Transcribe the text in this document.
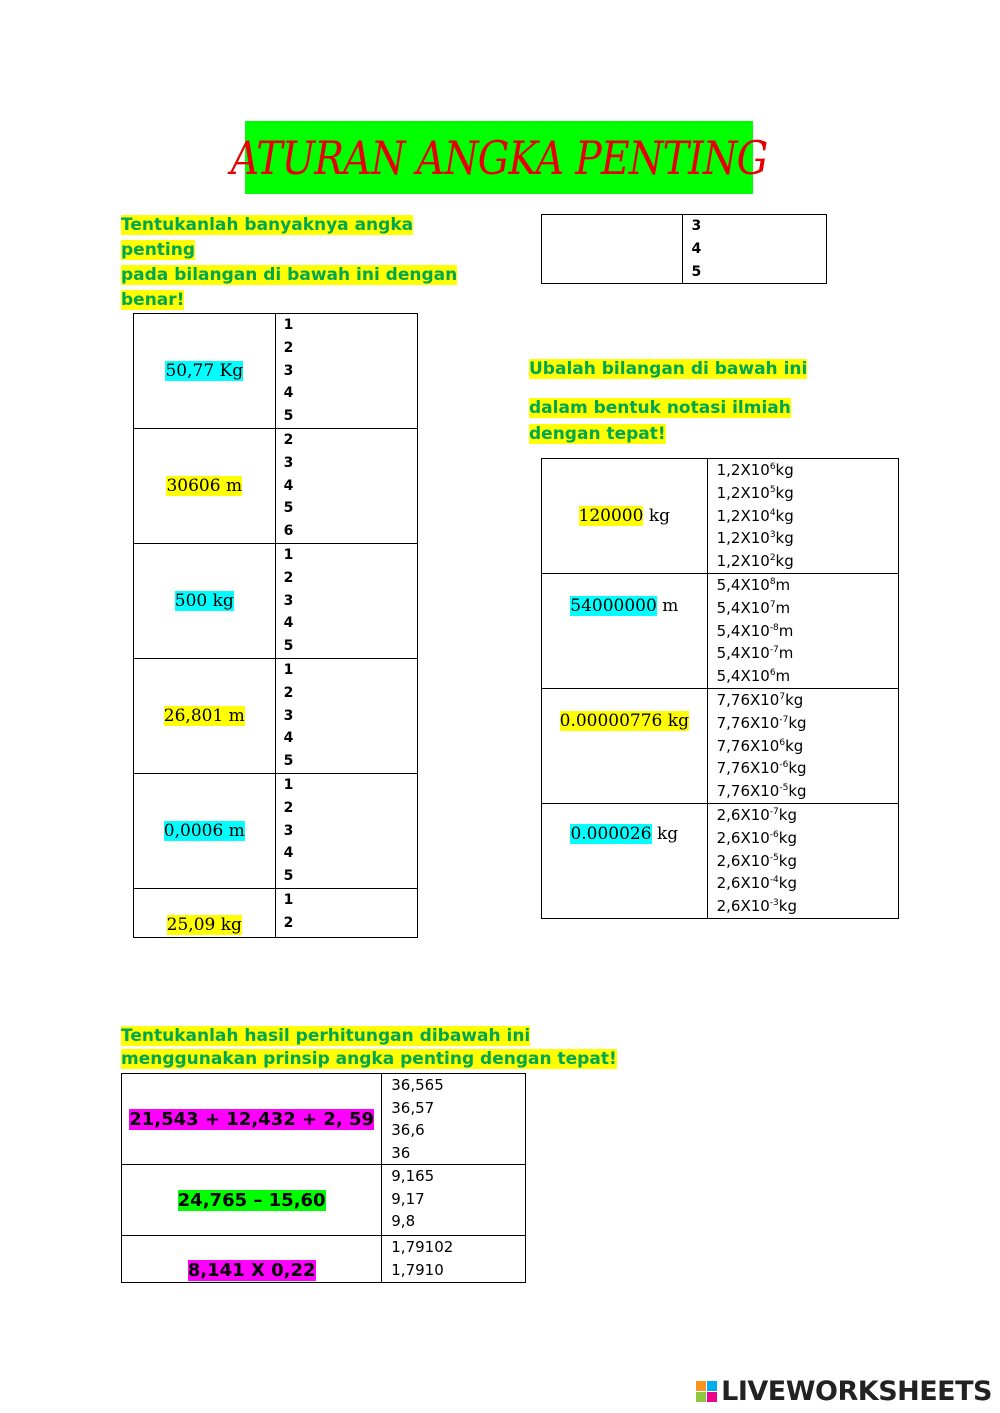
ATURAN ANGKA PENTING
Tentukanlah banyaknya angka
penting
pada bilangan di bawah ini dengan
benar!
50,77 Kg	1
2
3
4
5

30606 m	2
3
4
5
6

500 kg	1
2
3
4
5

26,801 m	1
2
3
4
5

0,0006 m	1
2
3
4
5

25,09 kg	1
2

3
4
5
Ubalah bilangan di bawah ini
dalam bentuk notasi ilmiah
dengan tepat!
120000 kg	$1,2X10^6kg$
$1,2X10^5kg$
$1,2X10^4kg$
$1,2X10^3kg$
$1,2X10^2kg$

54000000 m	$5,4X10^8m$
$5,4X10^7m$
$5,4X10^{-8}m$
$5,4X10^{-7}m$
$5,4X10^6m$

0.00000776 kg	$7,76X10^7kg$
$7,76X10^{-7}kg$
$7,76X10^6kg$
$7,76X10^{-6}kg$
$7,76X10^{-5}kg$

0.000026 kg	$2,6X10^{-7}kg$
$2,6X10^{-6}kg$
$2,6X10^{-5}kg$
$2,6X10^{-4}kg$
$2,6X10^{-3}kg$
Tentukanlah hasil perhitungan dibawah ini
menggunakan prinsip angka penting dengan tepat!
21,543 + 12,432 + 2, 59	36,565
36,57
36,6
36

24,765 – 15,60	9,165
9,17
9,8

8,141 X 0,22	1,79102
1,7910
LIVEWORKSHEETS
